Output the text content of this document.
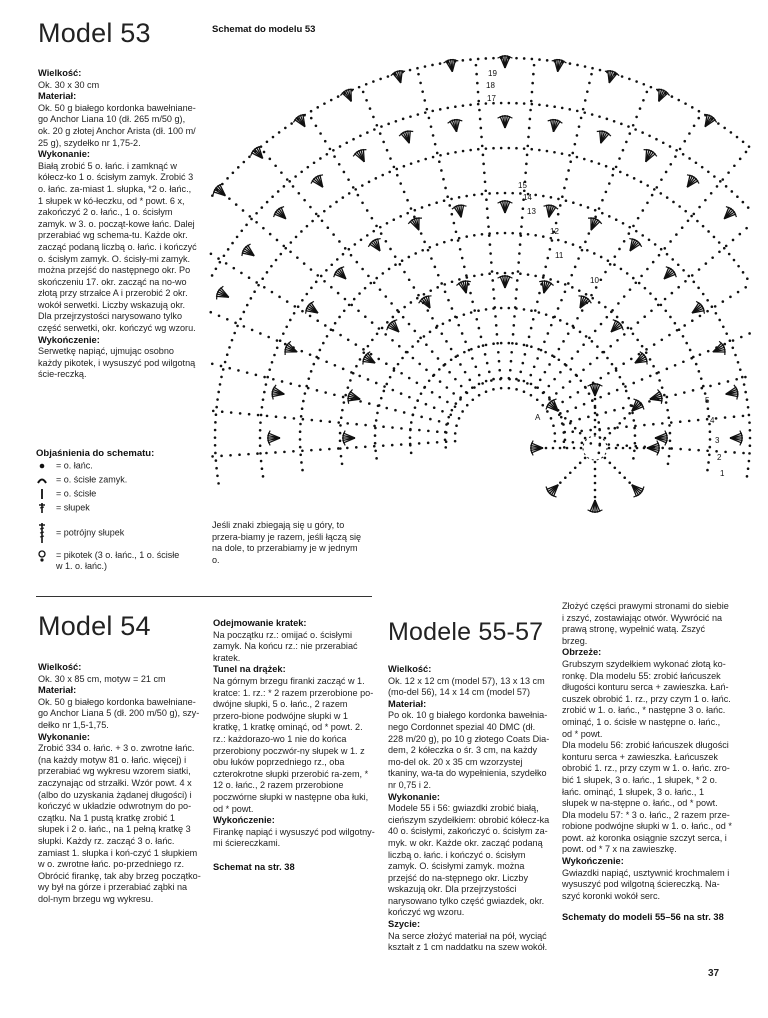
Model 53

Wielkość:

Ok. 30 x 30 cm

Materiał:

Ok. 50 g białego kordonka bawełniane-go Anchor Liana 10 (dł. 265 m/50 g), ok. 20 g złotej Anchor Arista (dł. 100 m/ 25 g), szydełko nr 1,75-2.

Wykonanie:

Białą zrobić 5 o. łańc. i zamknąć w kółecz-ko 1 o. ścisłym zamyk. Zrobić 3 o. łańc. za-miast 1. słupka, *2 o. łańc., 1 słupek w kó-łeczku, od * powt. 6 x, zakończyć 2 o. łańc., 1 o. ścisłym zamyk. w 3. o. począt-kowe łańc. Dalej przerabiać wg schema-tu. Każde okr. zacząć podaną liczbą o. łańc. i kończyć o. ścisłym zamyk. O. ścisły-mi zamyk. można przejść do następnego okr. Po skończeniu 17. okr. zacząć na no-wo złotą przy strzałce A i przerobić 2 okr. wokół serwetki. Liczby wskazują okr. Dla przejrzystości narysowano tylko część serwetki, okr. kończyć wg wzoru.

Wykończenie:

Serwetkę napiąć, ujmując osobno każdy pikotek, i wysuszyć pod wilgotną ście-reczką.

Objaśnienia do schematu:
= o. łańc.
= o. ścisłe zamyk.
= o. ścisłe
= słupek
= potrójny słupek
= pikotek (3 o. łańc., 1 o. ścisłe w 1. o. łańc.)
Schemat do modelu 53
19
18
17
15
14
13
12
11
10
5
4
3
2
1
A

Jeśli znaki zbiegają się u góry, to przera-biamy je razem, jeśli łączą się na dole, to przerabiamy je w jednym o.

Model 54

Wielkość:

Ok. 30 x 85 cm, motyw = 21 cm

Materiał:

Ok. 50 g białego kordonka bawełniane-go Anchor Liana 5 (dł. 200 m/50 g), szy-dełko nr 1,5-1,75.

Wykonanie:

Zrobić 334 o. łańc. + 3 o. zwrotne łańc. (na każdy motyw 81 o. łańc. więcej) i przerabiać wg wykresu wzorem siatki, zaczynając od strzałki. Wzór powt. 4 x (albo do uzyskania żądanej długości) i kończyć w układzie odwrotnym do po-czątku. Na 1 pustą kratkę zrobić 1 słupek i 2 o. łańc., na 1 pełną kratkę 3 słupki. Każdy rz. zacząć 3 o. łańc. zamiast 1. słupka i koń-czyć 1 słupkiem w o. zwrotne łańc. po-przedniego rz. Obrócić firankę, tak aby brzeg początko-wy był na górze i przerabiać ząbki na dol-nym brzegu wg wykresu.

Odejmowanie kratek:

Na początku rz.: omijać o. ścisłymi zamyk. Na końcu rz.: nie przerabiać kratek.

Tunel na drążek:

Na górnym brzegu firanki zacząć w 1. kratce: 1. rz.: * 2 razem przerobione po-dwójne słupki, 5 o. łańc., 2 razem przero-bione podwójne słupki w 1 kratkę, 1 kratkę ominąć, od * powt. 2. rz.: każdorazo-wo 1 nie do końca przerobiony poczwór-ny słupek w 1. z obu łuków poprzedniego rz., oba czterokrotne słupki przerobić ra-zem, * 12 o. łańc., 2 razem przerobione poczwórne słupki w następne oba łuki, od * powt.

Wykończenie:

Firankę napiąć i wysuszyć pod wilgotny-mi ściereczkami.

Schemat na str. 38

Modele 55-57

Wielkość:

Ok. 12 x 12 cm (model 57), 13 x 13 cm (mo-del 56), 14 x 14 cm (model 57)

Materiał:

Po ok. 10 g białego kordonka bawełnia-nego Cordonnet spezial 40 DMC (dł. 228 m/20 g), po 10 g złotego Coats Dia-dem, 2 kółeczka o śr. 3 cm, na każdy mo-del ok. 20 x 35 cm wzorzystej tkaniny, wa-ta do wypełnienia, szydełko nr 0,75 i 2.

Wykonanie:

Modele 55 i 56: gwiazdki zrobić białą, cieńszym szydełkiem: obrobić kółecz-ka 40 o. ścisłymi, zakończyć o. ścisłym za-myk. w okr. Każde okr. zacząć podaną liczbą o. łańc. i kończyć o. ścisłym zamyk. O. ścisłymi zamyk. można przejść do na-stępnego okr. Liczby wskazują okr. Dla przejrzystości narysowano tylko część gwiazdek, okr. kończyć wg wzoru.

Szycie:

Na serce złożyć materiał na pół, wyciąć kształt z 1 cm naddatku na szew wokół.

Złożyć części prawymi stronami do siebie i zszyć, zostawiając otwór. Wywrócić na prawą stronę, wypełnić watą. Zszyć brzeg.

Obrzeże:

Grubszym szydełkiem wykonać złotą ko-ronkę. Dla modelu 55: zrobić łańcuszek długości konturu serca + zawieszka. Łań-cuszek obrobić 1. rz., przy czym 1 o. łańc. zrobić w 1. o. łańc., * następne 3 o. łańc. ominąć, 1 o. ścisłe w następne o. łańc., od * powt.

Dla modelu 56: zrobić łańcuszek długości konturu serca + zawieszka. Łańcuszek obrobić 1. rz., przy czym w 1. o. łańc. zro-bić 1 słupek, 3 o. łańc., 1 słupek, * 2 o. łańc. ominąć, 1 słupek, 3 o. łańc., 1 słupek w na-stępne o. łańc., od * powt.

Dla modelu 57: * 3 o. łańc., 2 razem prze-robione podwójne słupki w 1. o. łańc., od * powt. aż koronka osiągnie szczyt serca, i powt. od * 7 x na zawieszkę.

Wykończenie:

Gwiazdki napiąć, usztywnić krochmalem i wysuszyć pod wilgotną ściereczką. Na-szyć koronki wokół serc.

Schematy do modeli 55–56 na str. 38

37
